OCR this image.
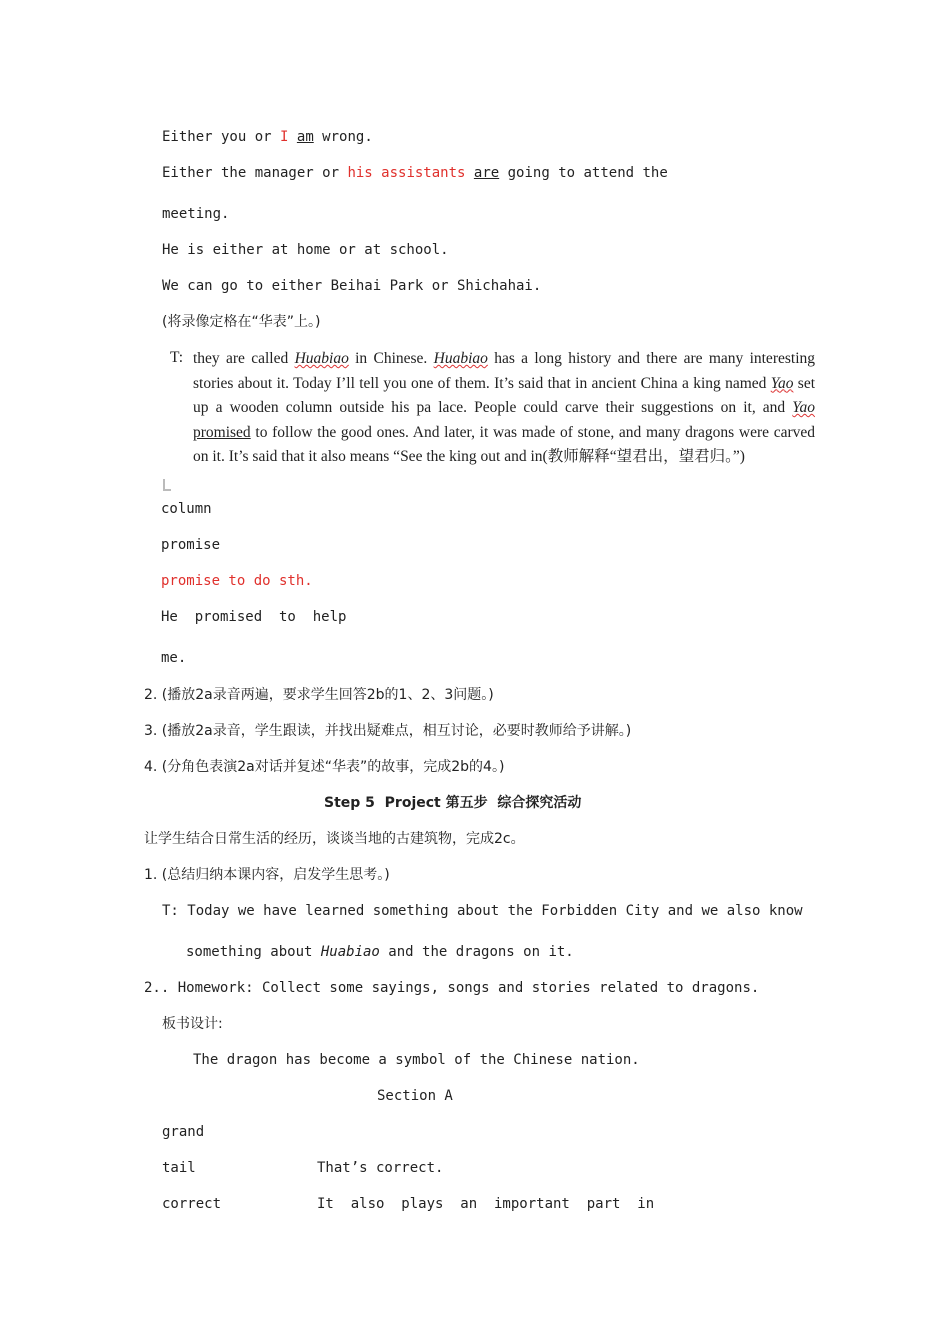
Either you or I am wrong.
Either the manager or his assistants are going to attend the
meeting.
He is either at home or at school.
We can go to either Beihai Park or Shichahai.
(将录像定格在“华表”上。)
T: they are called Huabiao in Chinese. Huabiao has a long history and there are many interesting stories about it. Today I’ll tell you one of them. It’s said that in ancient China a king named Yao set up a wooden column outside his pa lace. People could carve their suggestions on it, and Yao promised to follow the good ones. And later, it was made of stone, and many dragons were carved on it. It’s said that it also means “See the king out and in(教师解释“望君出，望君归。”)
column
promise
promise to do sth.
He  promised  to  help
me.
2. (播放2a录音两遍，要求学生回答2b的1、2、3问题。)
3. (播放2a录音，学生跟读，并找出疑难点，相互讨论，必要时教师给予讲解。)
4. (分角色表演2a对话并复述“华表”的故事，完成2b的4。)
Step 5  Project 第五步  综合探究活动
让学生结合日常生活的经历，谈谈当地的古建筑物，完成2c。
1. (总结归纳本课内容，启发学生思考。)
T: Today we have learned something about the Forbidden City and we also know
something about Huabiao and the dragons on it.
2.. Homework: Collect some sayings, songs and stories related to dragons.
板书设计:
The dragon has become a symbol of the Chinese nation.
Section A
grand
tail	That’s correct.
correct	It  also  plays  an  important  part  in
